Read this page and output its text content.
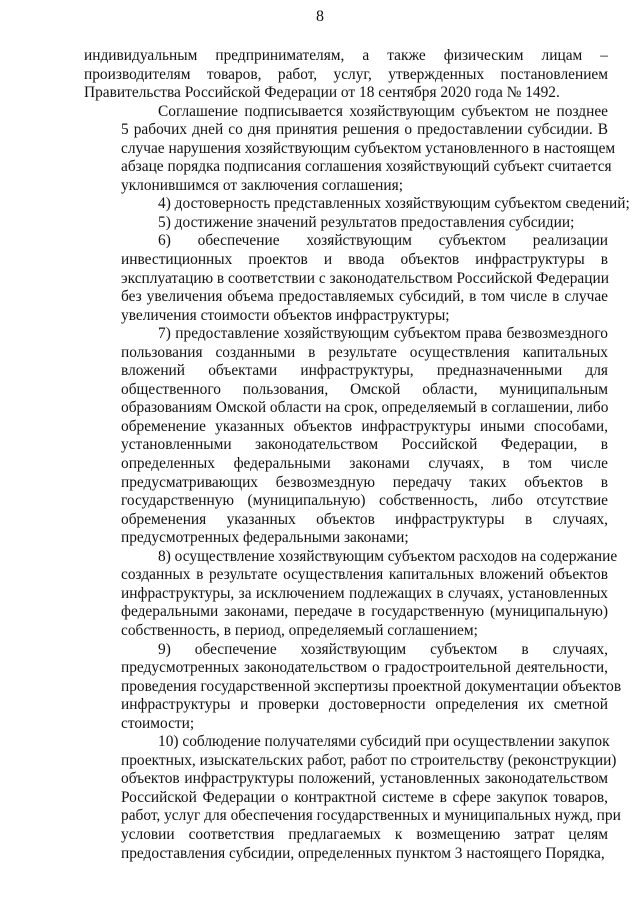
8
индивидуальным предпринимателям, а также физическим лицам –
производителям товаров, работ, услуг, утвержденных постановлением
Правительства Российской Федерации от 18 сентября 2020 года № 1492.
Соглашение подписывается хозяйствующим субъектом не позднее
5 рабочих дней со дня принятия решения о предоставлении субсидии. В
случае нарушения хозяйствующим субъектом установленного в настоящем
абзаце порядка подписания соглашения хозяйствующий субъект считается
уклонившимся от заключения соглашения;
4) достоверность представленных хозяйствующим субъектом сведений;
5) достижение значений результатов предоставления субсидии;
6) обеспечение хозяйствующим субъектом реализации
инвестиционных проектов и ввода объектов инфраструктуры в
эксплуатацию в соответствии с законодательством Российской Федерации
без увеличения объема предоставляемых субсидий, в том числе в случае
увеличения стоимости объектов инфраструктуры;
7) предоставление хозяйствующим субъектом права безвозмездного
пользования созданными в результате осуществления капитальных
вложений объектами инфраструктуры, предназначенными для
общественного пользования, Омской области, муниципальным
образованиям Омской области на срок, определяемый в соглашении, либо
обременение указанных объектов инфраструктуры иными способами,
установленными законодательством Российской Федерации, в
определенных федеральными законами случаях, в том числе
предусматривающих безвозмездную передачу таких объектов в
государственную (муниципальную) собственность, либо отсутствие
обременения указанных объектов инфраструктуры в случаях,
предусмотренных федеральными законами;
8) осуществление хозяйствующим субъектом расходов на содержание
созданных в результате осуществления капитальных вложений объектов
инфраструктуры, за исключением подлежащих в случаях, установленных
федеральными законами, передаче в государственную (муниципальную)
собственность, в период, определяемый соглашением;
9) обеспечение хозяйствующим субъектом в случаях,
предусмотренных законодательством о градостроительной деятельности,
проведения государственной экспертизы проектной документации объектов
инфраструктуры и проверки достоверности определения их сметной
стоимости;
10) соблюдение получателями субсидий при осуществлении закупок
проектных, изыскательских работ, работ по строительству (реконструкции)
объектов инфраструктуры положений, установленных законодательством
Российской Федерации о контрактной системе в сфере закупок товаров,
работ, услуг для обеспечения государственных и муниципальных нужд, при
условии соответствия предлагаемых к возмещению затрат целям
предоставления субсидии, определенных пунктом 3 настоящего Порядка,
